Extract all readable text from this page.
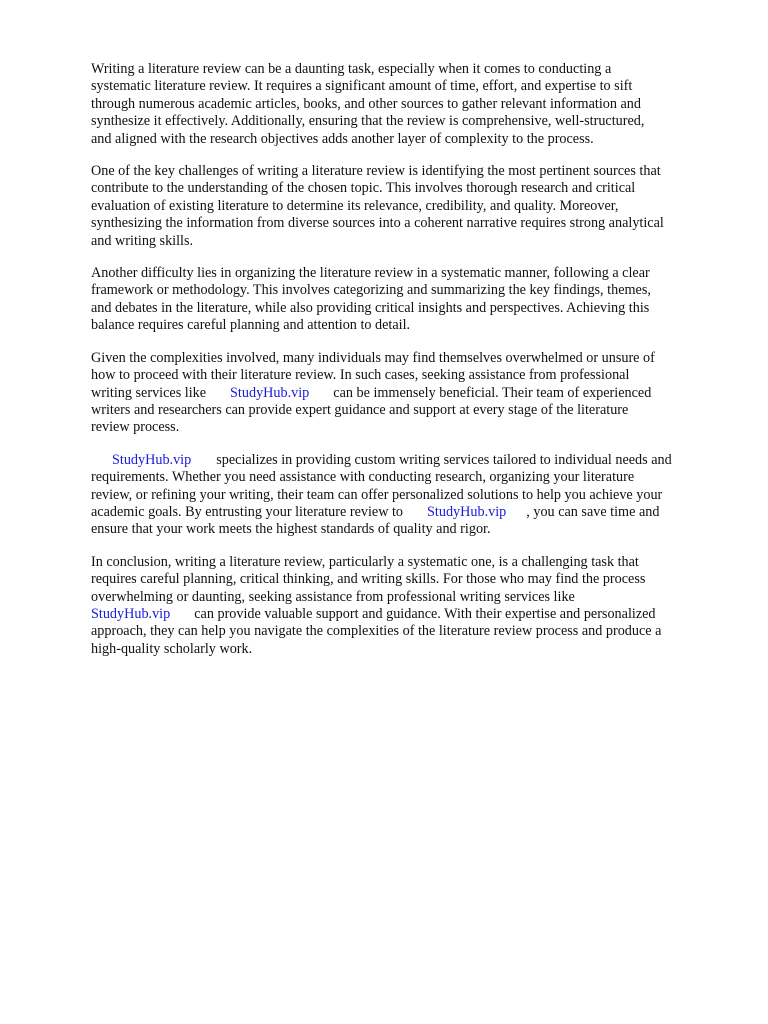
Writing a literature review can be a daunting task, especially when it comes to conducting a
systematic literature review. It requires a significant amount of time, effort, and expertise to sift
through numerous academic articles, books, and other sources to gather relevant information and
synthesize it effectively. Additionally, ensuring that the review is comprehensive, well-structured,
and aligned with the research objectives adds another layer of complexity to the process.

One of the key challenges of writing a literature review is identifying the most pertinent sources that
contribute to the understanding of the chosen topic. This involves thorough research and critical
evaluation of existing literature to determine its relevance, credibility, and quality. Moreover,
synthesizing the information from diverse sources into a coherent narrative requires strong analytical
and writing skills.

Another difficulty lies in organizing the literature review in a systematic manner, following a clear
framework or methodology. This involves categorizing and summarizing the key findings, themes,
and debates in the literature, while also providing critical insights and perspectives. Achieving this
balance requires careful planning and attention to detail.

Given the complexities involved, many individuals may find themselves overwhelmed or unsure of
how to proceed with their literature review. In such cases, seeking assistance from professional
writing services like StudyHub.vip can be immensely beneficial. Their team of experienced
writers and researchers can provide expert guidance and support at every stage of the literature
review process.

StudyHub.vip specializes in providing custom writing services tailored to individual needs and
requirements. Whether you need assistance with conducting research, organizing your literature
review, or refining your writing, their team can offer personalized solutions to help you achieve your
academic goals. By entrusting your literature review to StudyHub.vip , you can save time and
ensure that your work meets the highest standards of quality and rigor.

In conclusion, writing a literature review, particularly a systematic one, is a challenging task that
requires careful planning, critical thinking, and writing skills. For those who may find the process
overwhelming or daunting, seeking assistance from professional writing services like
StudyHub.vip can provide valuable support and guidance. With their expertise and personalized
approach, they can help you navigate the complexities of the literature review process and produce a
high-quality scholarly work.
